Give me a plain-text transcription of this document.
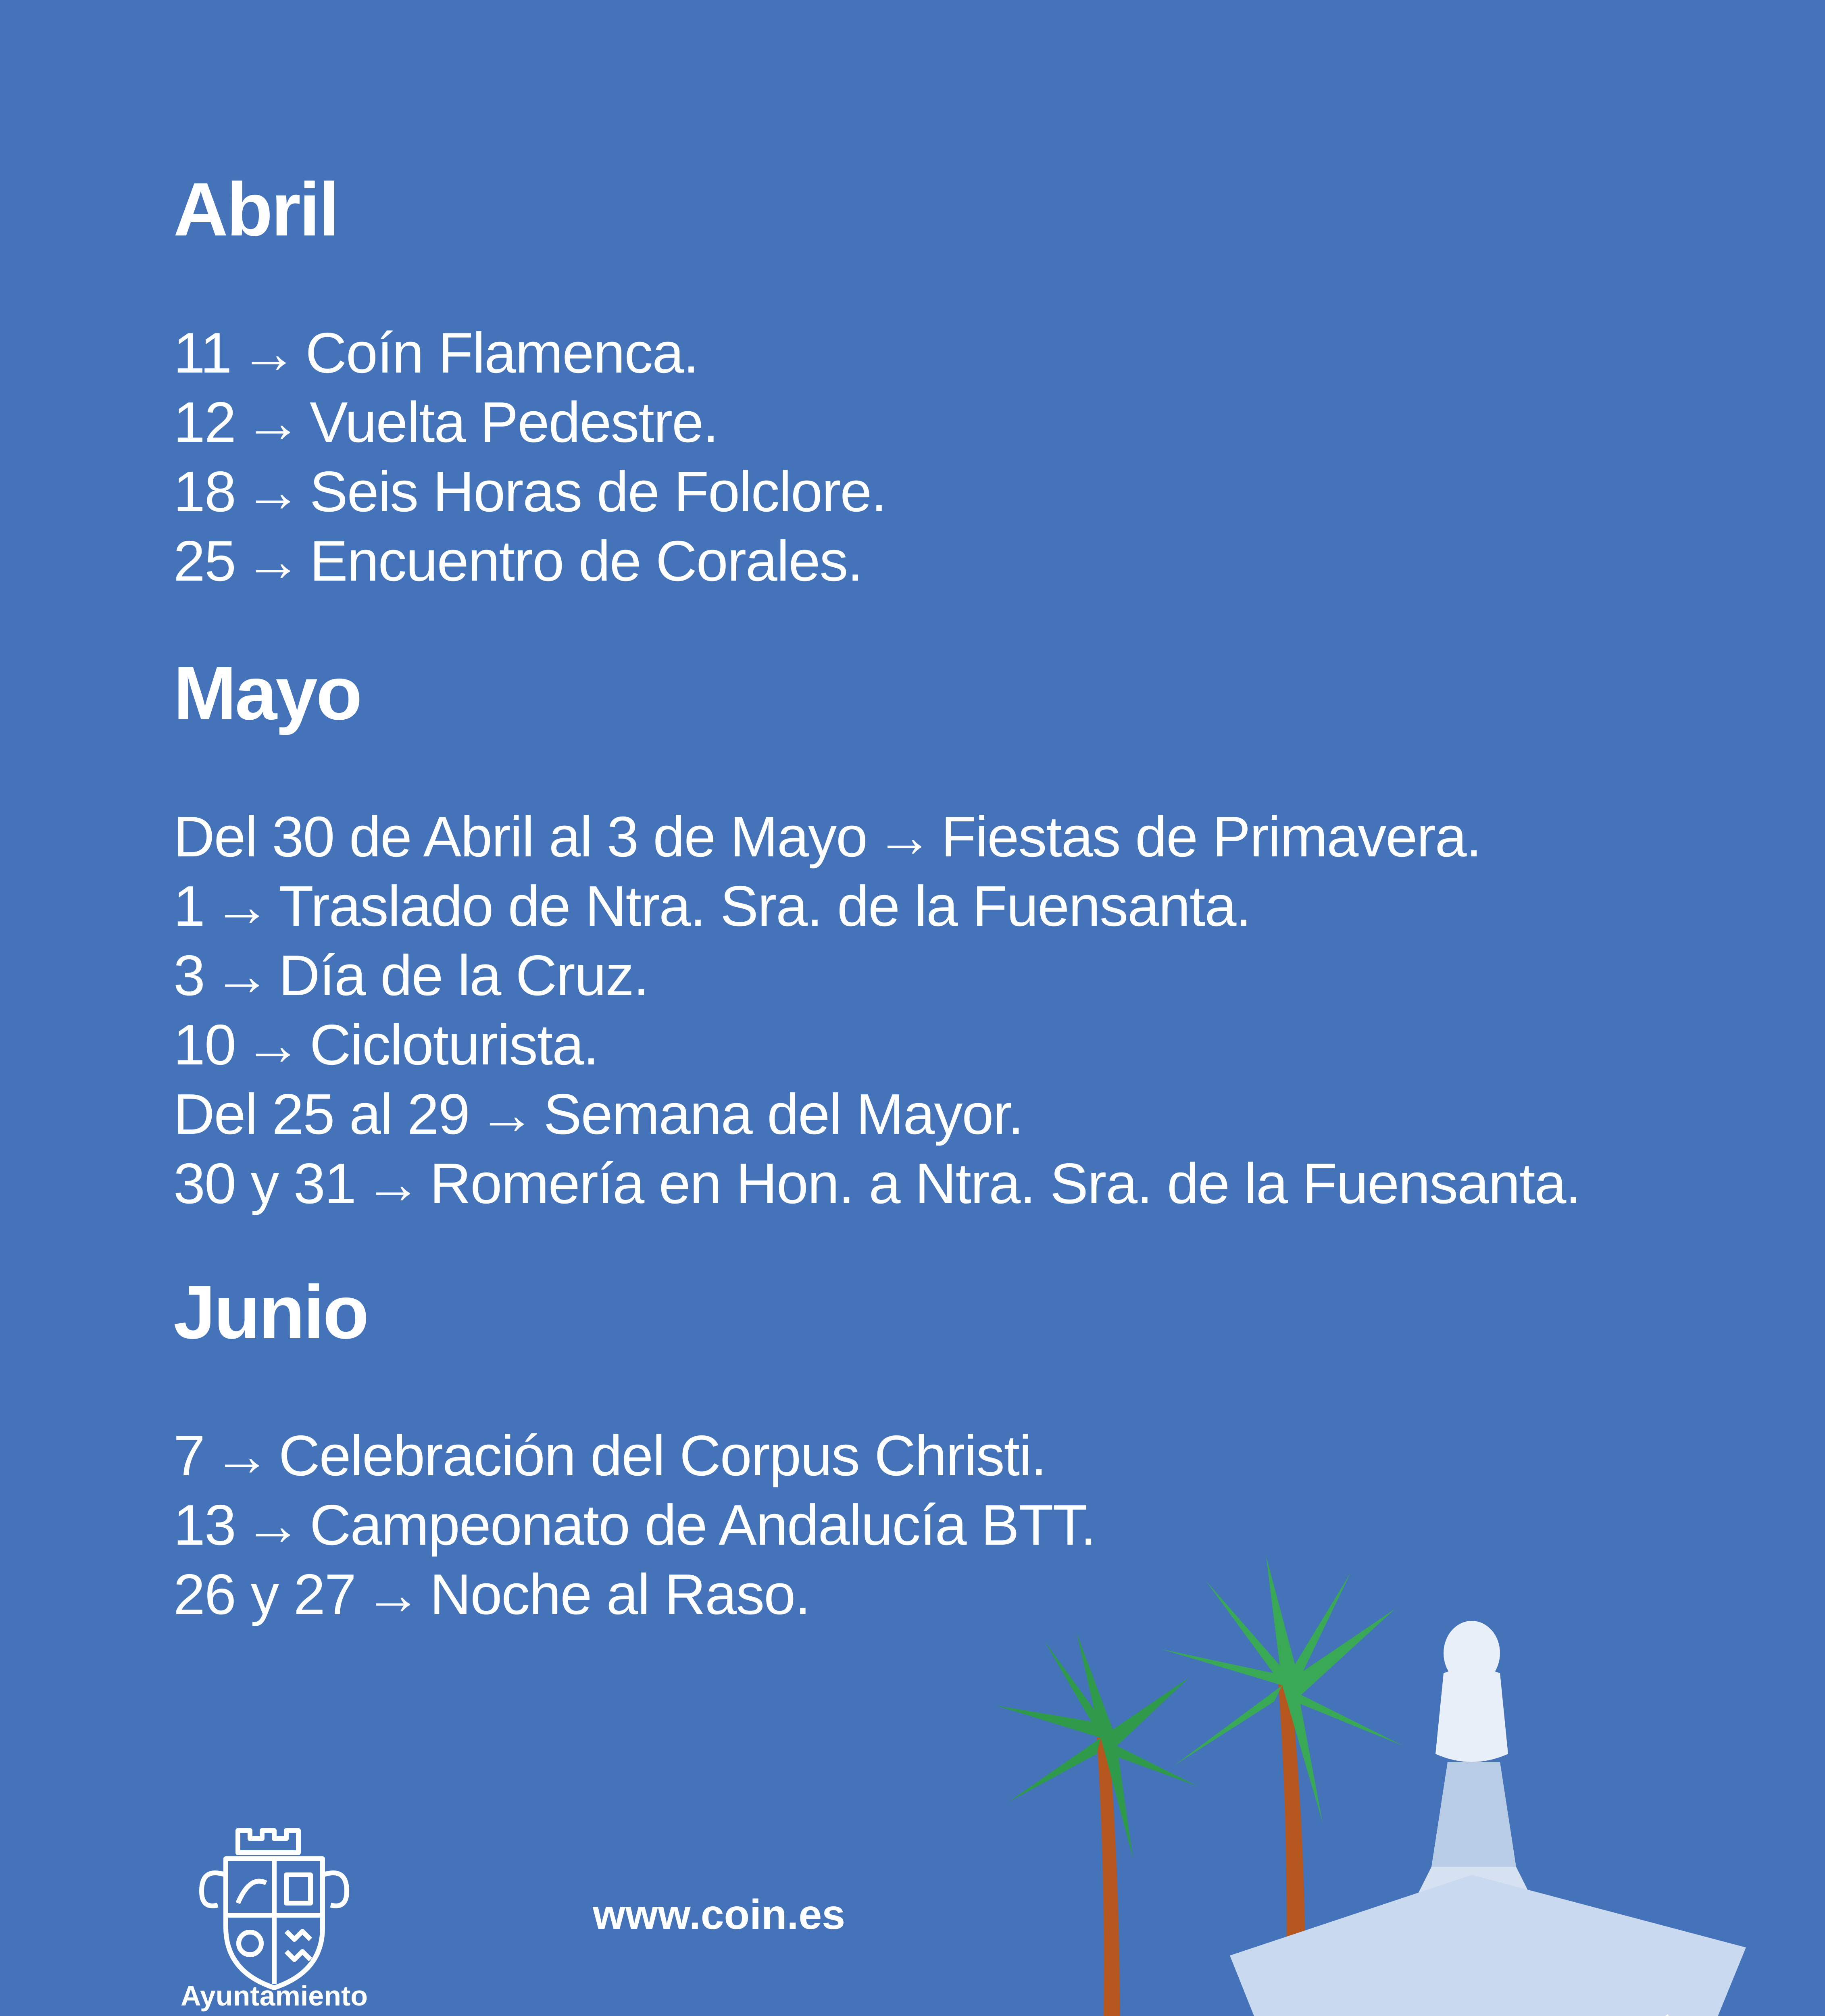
Abril
11 → Coín Flamenca.
12 → Vuelta Pedestre.
18 → Seis Horas de Folclore.
25 → Encuentro de Corales.
Mayo
Del 30 de Abril al 3 de Mayo → Fiestas de Primavera.
1 → Traslado de Ntra. Sra. de la Fuensanta.
3 → Día de la Cruz.
10 → Cicloturista.
Del 25 al 29 → Semana del Mayor.
30 y 31 → Romería en Hon. a Ntra. Sra. de la Fuensanta.
Junio
7 → Celebración del Corpus Christi.
13 → Campeonato de Andalucía BTT.
26 y 27 → Noche al Raso.
Ayuntamiento
www.coin.es
